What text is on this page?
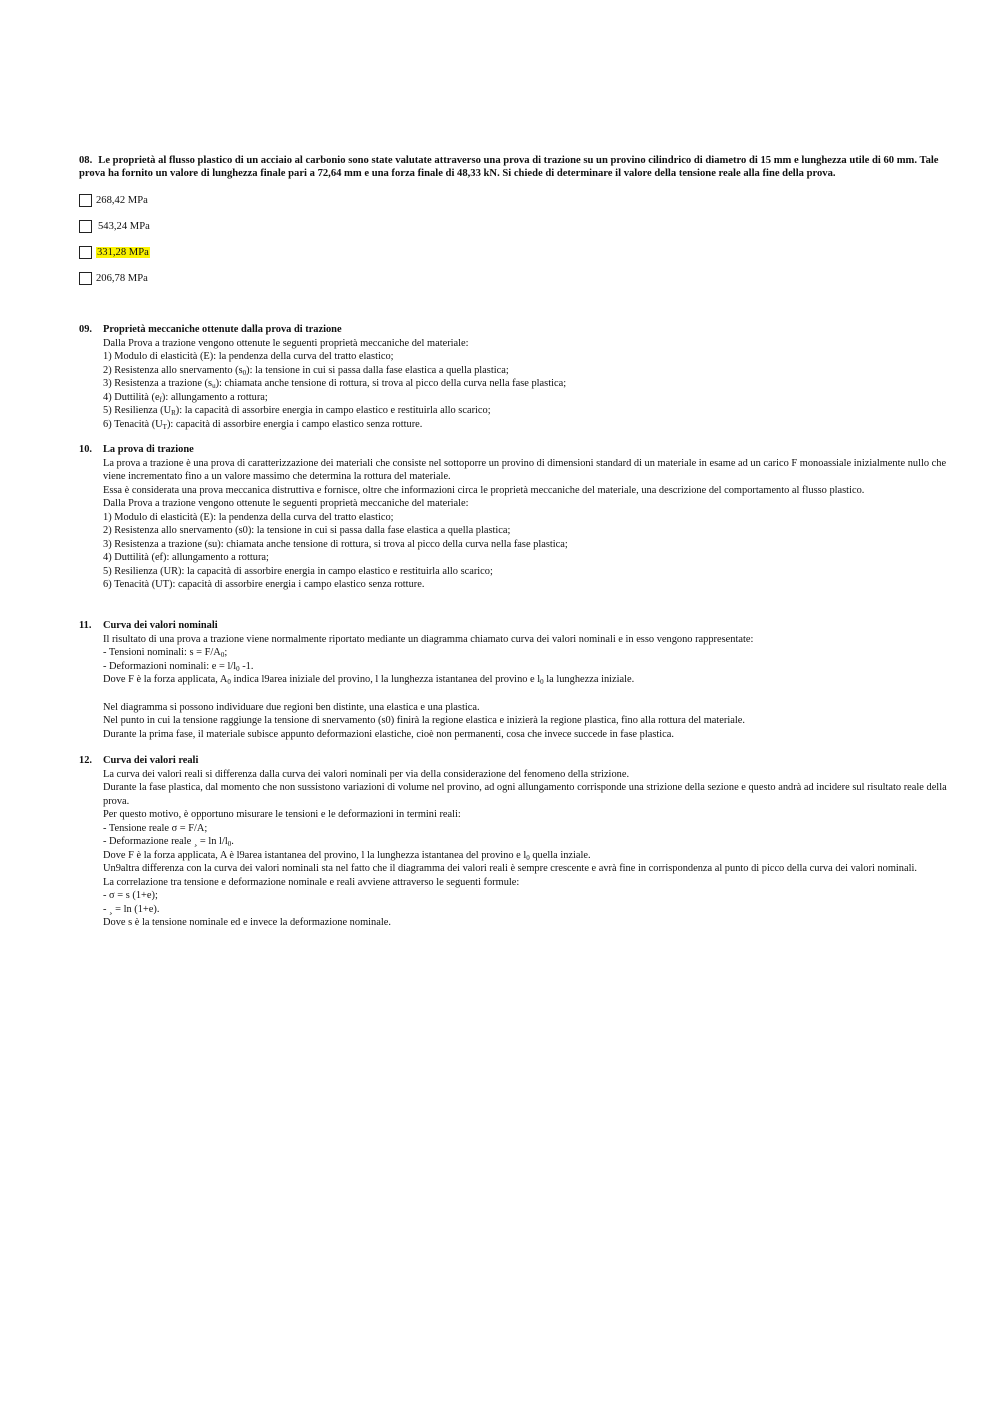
08. Le proprietà al flusso plastico di un acciaio al carbonio sono state valutate attraverso una prova di trazione su un provino cilindrico di diametro di 15 mm e lunghezza utile di 60 mm. Tale prova ha fornito un valore di lunghezza finale pari a 72,64 mm e una forza finale di 48,33 kN. Si chiede di determinare il valore della tensione reale alla fine della prova.

268,42 MPa
543,24 MPa
331,28 MPa
206,78 MPa
09.	Proprietà meccaniche ottenute dalla prova di trazione
Dalla Prova a trazione vengono ottenute le seguenti proprietà meccaniche del materiale:
1) Modulo di elasticità (E): la pendenza della curva del tratto elastico;
2) Resistenza allo snervamento $(s_0)$: la tensione in cui si passa dalla fase elastica a quella plastica;
3) Resistenza a trazione $(s_u)$: chiamata anche tensione di rottura, si trova al picco della curva nella fase plastica;
4) Duttilità $(e_f)$: allungamento a rottura;
5) Resilienza $(U_R)$: la capacità di assorbire energia in campo elastico e restituirla allo scarico;
6) Tenacità $(U_T)$: capacità di assorbire energia i campo elastico senza rotture.
10.	La prova di trazione
La prova a trazione è una prova di caratterizzazione dei materiali che consiste nel sottoporre un provino di dimensioni standard di un materiale in esame ad un carico F monoassiale inizialmente nullo che viene incrementato fino a un valore massimo che determina la rottura del materiale.
Essa è considerata una prova meccanica distruttiva e fornisce, oltre che informazioni circa le proprietà meccaniche del materiale, una descrizione del comportamento al flusso plastico.
Dalla Prova a trazione vengono ottenute le seguenti proprietà meccaniche del materiale:
1) Modulo di elasticità (E): la pendenza della curva del tratto elastico;
2) Resistenza allo snervamento (s0): la tensione in cui si passa dalla fase elastica a quella plastica;
3) Resistenza a trazione (su): chiamata anche tensione di rottura, si trova al picco della curva nella fase plastica;
4) Duttilità (ef): allungamento a rottura;
5) Resilienza (UR): la capacità di assorbire energia in campo elastico e restituirla allo scarico;
6) Tenacità (UT): capacità di assorbire energia i campo elastico senza rotture.
11.	Curva dei valori nominali
Il risultato di una prova a trazione viene normalmente riportato mediante un diagramma chiamato curva dei valori nominali e in esso vengono rappresentate:
- Tensioni nominali: $s = F/A_0$;
- Deformazioni nominali: $e = l/l_0$ -1.
Dove F è la forza applicata, $A_0$ indica l9area iniziale del provino, l la lunghezza istantanea del provino e $l_0$ la lunghezza iniziale.
Nel diagramma si possono individuare due regioni ben distinte, una elastica e una plastica.
Nel punto in cui la tensione raggiunge la tensione di snervamento (s0) finirà la regione elastica e inizierà la regione plastica, fino alla rottura del materiale.
Durante la prima fase, il materiale subisce appunto deformazioni elastiche, cioè non permanenti, cosa che invece succede in fase plastica.
12.	Curva dei valori reali
La curva dei valori reali si differenza dalla curva dei valori nominali per via della considerazione del fenomeno della strizione.
Durante la fase plastica, dal momento che non sussistono variazioni di volume nel provino, ad ogni allungamento corrisponde una strizione della sezione e questo andrà ad incidere sul risultato reale della prova.
Per questo motivo, è opportuno misurare le tensioni e le deformazioni in termini reali:
- Tensione reale σ = F/A;
- Deformazione reale ¸ = $\ln l/l_0$.
Dove F è la forza applicata, A è l9area istantanea del provino, l la lunghezza istantanea del provino e $l_0$ quella inziale.
Un9altra differenza con la curva dei valori nominali sta nel fatto che il diagramma dei valori reali è sempre crescente e avrà fine in corrispondenza al punto di picco della curva dei valori nominali.
La correlazione tra tensione e deformazione nominale e reali avviene attraverso le seguenti formule:
- σ = s (1+e);
- ¸ = ln (1+e).
Dove s è la tensione nominale ed e invece la deformazione nominale.
